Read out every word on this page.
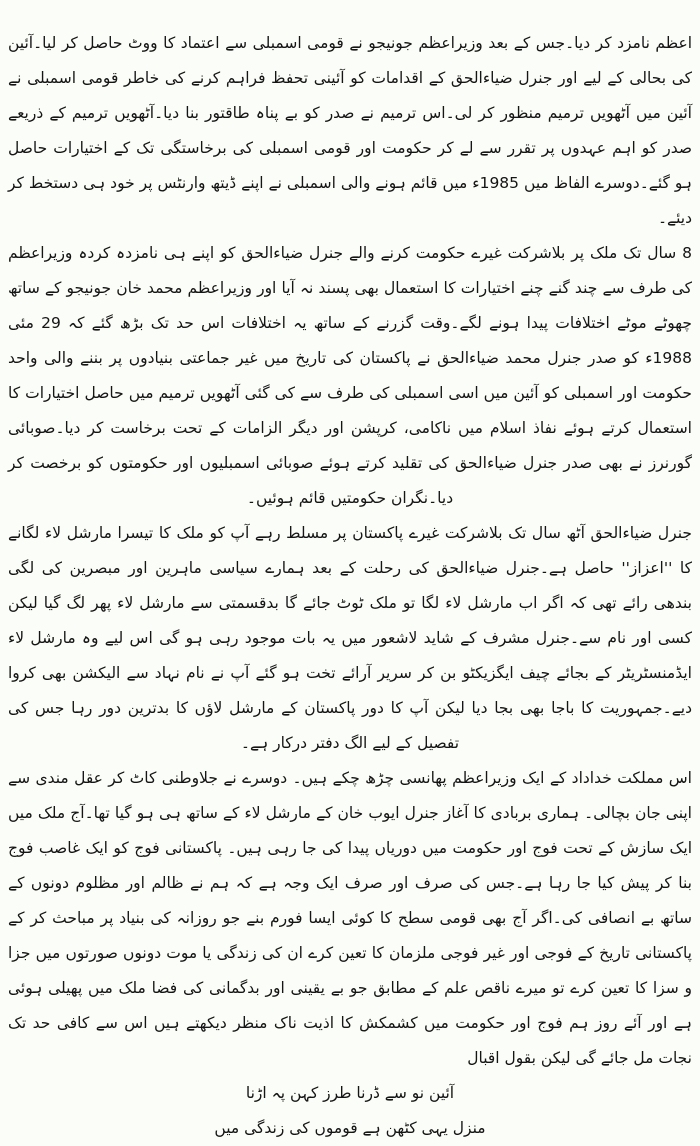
اعظم نامزد کر دیا۔جس کے بعد وزیراعظم جونیجو نے قومی اسمبلی سے اعتماد کا ووٹ حاصل کر لیا۔آئین کی بحالی کے لیے اور جنرل ضیاءالحق کے اقدامات کو آئینی تحفظ فراہم کرنے کی خاطر قومی اسمبلی نے آئین میں آٹھویں ترمیم منظور کر لی۔اس ترمیم نے صدر کو بے پناہ طاقتور بنا دیا۔آٹھویں ترمیم کے ذریعے صدر کو اہم عہدوں پر تقرر سے لے کر حکومت اور قومی اسمبلی کی برخاستگی تک کے اختیارات حاصل ہو گئے۔دوسرے الفاظ میں 1985ء میں قائم ہونے والی اسمبلی نے اپنے ڈیتھ وارنٹس پر خود ہی دستخط کر دیئے۔

8 سال تک ملک پر بلاشرکت غیرے حکومت کرنے والے جنرل ضیاءالحق کو اپنے ہی نامزدہ کردہ وزیراعظم کی طرف سے چند گنے چنے اختیارات کا استعمال بھی پسند نہ آیا اور وزیراعظم محمد خان جونیجو کے ساتھ چھوٹے موٹے اختلافات پیدا ہونے لگے۔وقت گزرنے کے ساتھ یہ اختلافات اس حد تک بڑھ گئے کہ 29 مئی 1988ء کو صدر جنرل محمد ضیاءالحق نے پاکستان کی تاریخ میں غیر جماعتی بنیادوں پر بننے والی واحد حکومت اور اسمبلی کو آئین میں اسی اسمبلی کی طرف سے کی گئی آٹھویں ترمیم میں حاصل اختیارات کا استعمال کرتے ہوئے نفاذ اسلام میں ناکامی، کرپشن اور دیگر الزامات کے تحت برخاست کر دیا۔صوبائی گورنرز نے بھی صدر جنرل ضیاءالحق کی تقلید کرتے ہوئے صوبائی اسمبلیوں اور حکومتوں کو برخصت کر دیا۔نگران حکومتیں قائم ہوئیں۔

جنرل ضیاءالحق آٹھ سال تک بلاشرکت غیرے پاکستان پر مسلط رہے آپ کو ملک کا تیسرا مارشل لاء لگانے کا ''اعزاز'' حاصل ہے۔جنرل ضیاءالحق کی رحلت کے بعد ہمارے سیاسی ماہرین اور مبصرین کی لگی بندھی رائے تھی کہ اگر اب مارشل لاء لگا تو ملک ٹوٹ جائے گا بدقسمتی سے مارشل لاء پھر لگ گیا لیکن کسی اور نام سے۔جنرل مشرف کے شاید لاشعور میں یہ بات موجود رہی ہو گی اس لیے وہ مارشل لاء ایڈمنسٹریٹر کے بجائے چیف ایگزیکٹو بن کر سریر آرائے تخت ہو گئے آپ نے نام نہاد سے الیکشن بھی کروا دیے۔جمہوریت کا باجا بھی بجا دیا لیکن آپ کا دور پاکستان کے مارشل لاؤں کا بدترین دور رہا جس کی تفصیل کے لیے الگ دفتر درکار ہے۔

اس مملکت خداداد کے ایک وزیراعظم پھانسی چڑھ چکے ہیں۔ دوسرے نے جلاوطنی کاٹ کر عقل مندی سے اپنی جان بچالی۔ ہماری بربادی کا آغاز جنرل ایوب خان کے مارشل لاء کے ساتھ ہی ہو گیا تھا۔آج ملک میں ایک سازش کے تحت فوج اور حکومت میں دوریاں پیدا کی جا رہی ہیں۔ پاکستانی فوج کو ایک غاصب فوج بنا کر پیش کیا جا رہا ہے۔جس کی صرف اور صرف ایک وجہ ہے کہ ہم نے ظالم اور مظلوم دونوں کے ساتھ بے انصافی کی۔اگر آج بھی قومی سطح کا کوئی ایسا فورم بنے جو روزانہ کی بنیاد پر مباحث کر کے پاکستانی تاریخ کے فوجی اور غیر فوجی ملزمان کا تعین کرے ان کی زندگی یا موت دونوں صورتوں میں جزا و سزا کا تعین کرے تو میرے ناقص علم کے مطابق جو بے یقینی اور بدگمانی کی فضا ملک میں پھیلی ہوئی ہے اور آئے روز ہم فوج اور حکومت میں کشمکش کا اذیت ناک منظر دیکھتے ہیں اس سے کافی حد تک نجات مل جائے گی لیکن بقول اقبال

آئین نو سے ڈرنا طرز کہن پہ اڑنا
منزل یہی کٹھن ہے قوموں کی زندگی میں
